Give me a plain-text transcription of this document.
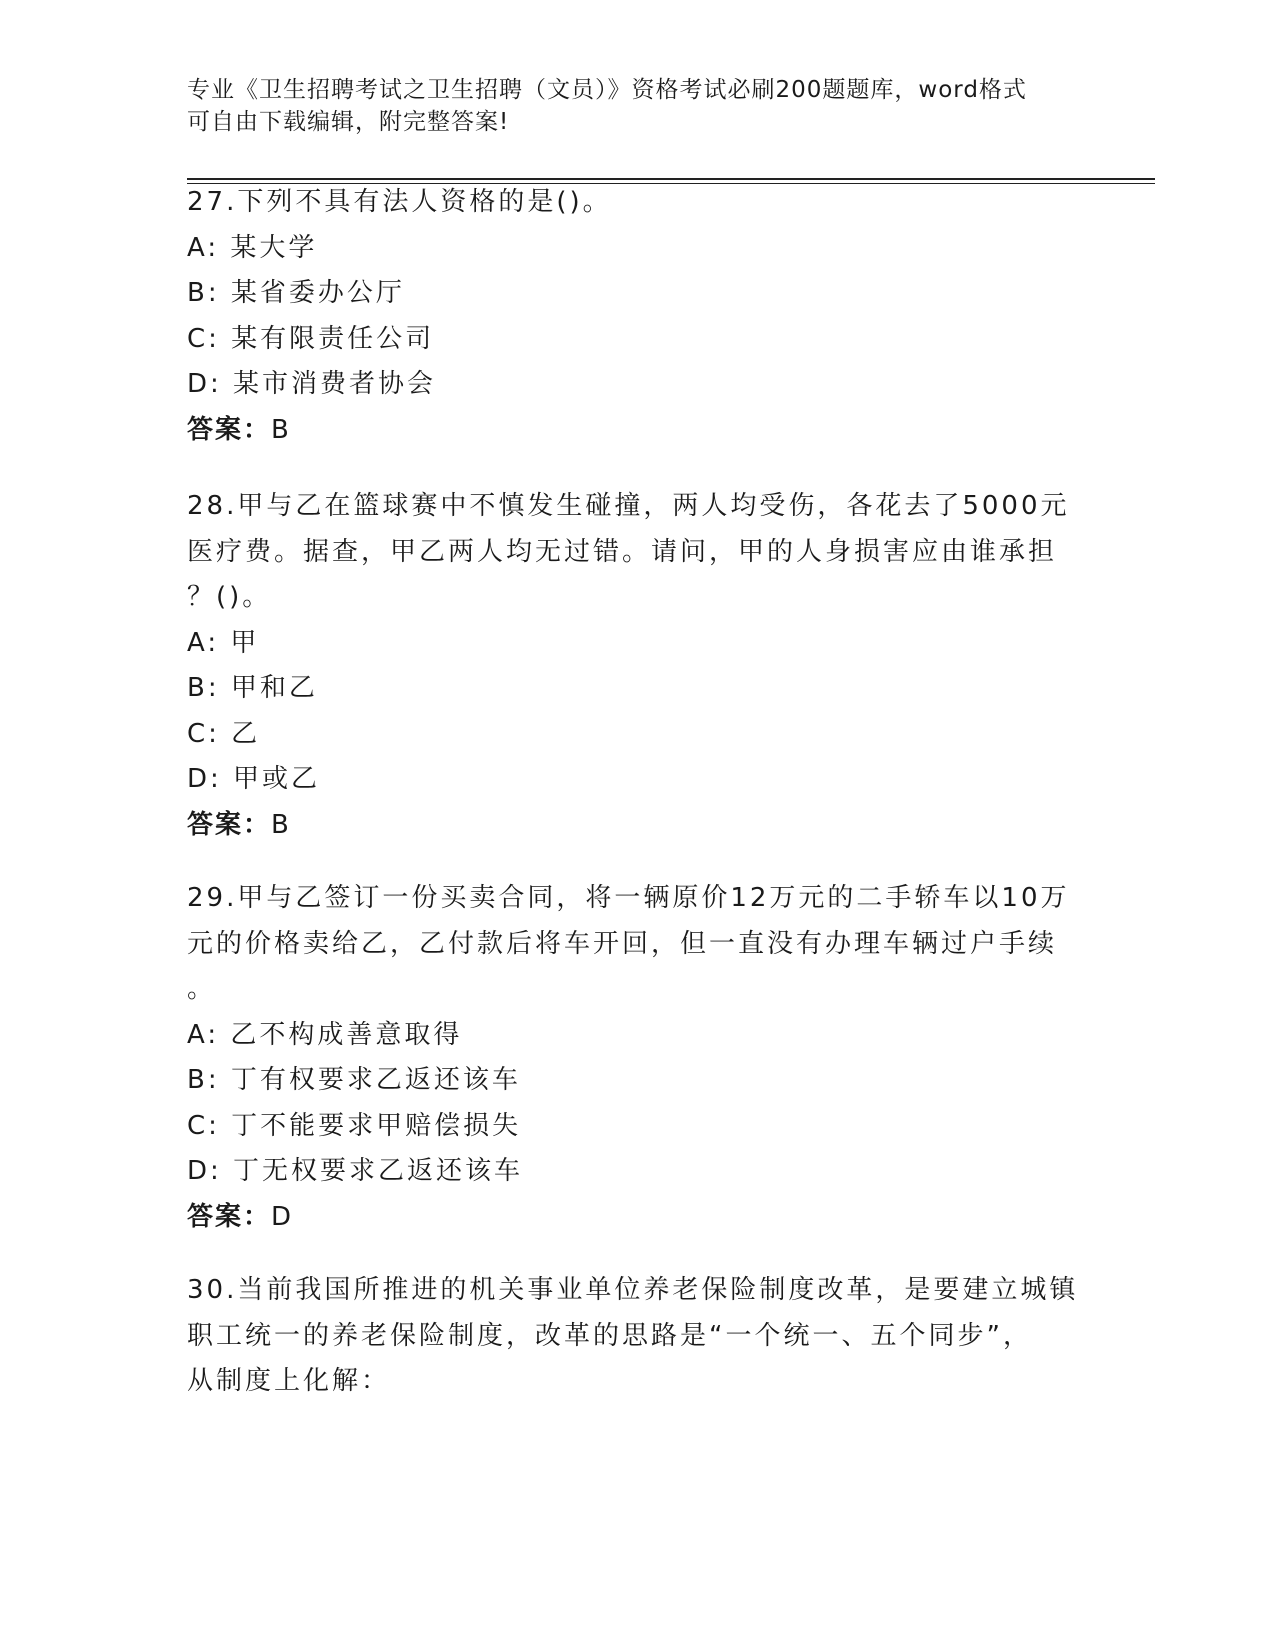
专业《卫生招聘考试之卫生招聘（文员）》资格考试必刷200题题库，word格式
可自由下载编辑，附完整答案!
27.下列不具有法人资格的是()。
A: 某大学
B: 某省委办公厅
C: 某有限责任公司
D: 某市消费者协会
答案：B
28.甲与乙在篮球赛中不慎发生碰撞，两人均受伤，各花去了5000元
医疗费。据查，甲乙两人均无过错。请问，甲的人身损害应由谁承担
？()。
A: 甲
B: 甲和乙
C: 乙
D: 甲或乙
答案：B
29.甲与乙签订一份买卖合同，将一辆原价12万元的二手轿车以10万
元的价格卖给乙，乙付款后将车开回，但一直没有办理车辆过户手续
。
A: 乙不构成善意取得
B: 丁有权要求乙返还该车
C: 丁不能要求甲赔偿损失
D: 丁无权要求乙返还该车
答案：D
30.当前我国所推进的机关事业单位养老保险制度改革，是要建立城镇
职工统一的养老保险制度，改革的思路是“一个统一、五个同步”，
从制度上化解：
